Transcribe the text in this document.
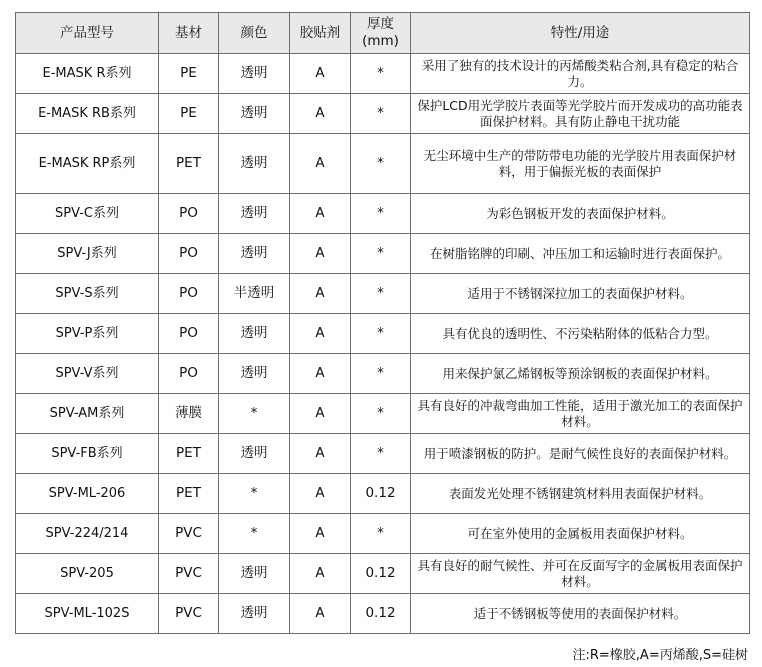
产品型号	基材	颜色	胶贴剂	厚度(mm)	特性/用途
E-MASK R系列	PE	透明	A	*	采用了独有的技术设计的丙烯酸类粘合剂,具有稳定的粘合力。
E-MASK RB系列	PE	透明	A	*	保护LCD用光学胶片表面等光学胶片而开发成功的高功能表面保护材料。具有防止静电干扰功能
E-MASK RP系列	PET	透明	A	*	无尘环境中生产的带防带电功能的光学胶片用表面保护材料，用于偏振光板的表面保护
SPV-C系列	PO	透明	A	*	为彩色钢板开发的表面保护材料。
SPV-J系列	PO	透明	A	*	在树脂铭牌的印刷、冲压加工和运输时进行表面保护。
SPV-S系列	PO	半透明	A	*	适用于不锈钢深拉加工的表面保护材料。
SPV-P系列	PO	透明	A	*	具有优良的透明性、不污染粘附体的低粘合力型。
SPV-V系列	PO	透明	A	*	用来保护氯乙烯钢板等预涂钢板的表面保护材料。
SPV-AM系列	薄膜	*	A	*	具有良好的冲裁弯曲加工性能，适用于激光加工的表面保护材料。
SPV-FB系列	PET	透明	A	*	用于喷漆钢板的防护。是耐气候性良好的表面保护材料。
SPV-ML-206	PET	*	A	0.12	表面发光处理不锈钢建筑材料用表面保护材料。
SPV-224/214	PVC	*	A	*	可在室外使用的金属板用表面保护材料。
SPV-205	PVC	透明	A	0.12	具有良好的耐气候性、并可在反面写字的金属板用表面保护材料。
SPV-ML-102S	PVC	透明	A	0.12	适于不锈钢板等使用的表面保护材料。
注:R=橡胶,A=丙烯酸,S=硅树
